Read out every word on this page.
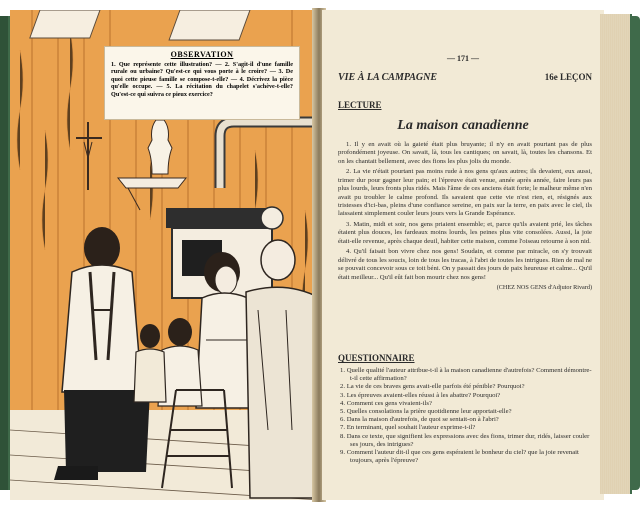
OBSERVATION
1. Que représente cette illustration? — 2. S'agit-il d'une famille rurale ou urbaine? Qu'est-ce qui vous porte à le croire? — 3. De quoi cette pieuse famille se compose-t-elle? — 4. Décrivez la pièce qu'elle occupe. — 5. La récitation du chapelet s'achève-t-elle? Qu'est-ce qui suivra ce pieux exercice?
— 171 —
VIE À LA CAMPAGNE	16e LEÇON
LECTURE
La maison canadienne

1. Il y en avait où la gaieté était plus bruyante; il n'y en avait pourtant pas de plus profondément joyeuse. On savait, là, tous les cantiques; on savait, là, toutes les chansons. Et on les chantait bellement, avec des fions les plus jolis du monde.

2. La vie n'était pourtant pas moins rude à nos gens qu'aux autres; ils devaient, eux aussi, trimer dur pour gagner leur pain; et l'épreuve était venue, année après année, faire leurs pas plus lourds, leurs fronts plus ridés. Mais l'âme de ces anciens était forte; le malheur même n'en avait pu troubler le calme profond. Ils savaient que cette vie n'est rien, et, résignés aux tristesses d'ici-bas, pleins d'une confiance sereine, en paix sur la terre, en paix avec le ciel, ils laissaient simplement couler leurs jours vers la Grande Espérance.

3. Matin, midi et soir, nos gens priaient ensemble; et, parce qu'ils avaient prié, les tâches étaient plus douces, les fardeaux moins lourds, les peines plus vite consolées. Aussi, la joie était-elle revenue, après chaque deuil, habiter cette maison, comme l'oiseau retourne à son nid.

4. Qu'il faisait bon vivre chez nos gens! Soudain, et comme par miracle, on s'y trouvait délivré de tous les soucis, loin de tous les tracas, à l'abri de toutes les intrigues. Rien de mal ne se pouvait concevoir sous ce toit béni. On y passait des jours de paix heureuse et calme... Qu'il était meilleur... Qu'il eût fait bon mourir chez nos gens!

(CHEZ NOS GENS d'Adjutor Rivard)
QUESTIONNAIRE
1. Quelle qualité l'auteur attribue-t-il à la maison canadienne d'autrefois? Comment démontre-t-il cette affirmation?
2. La vie de ces braves gens avait-elle parfois été pénible? Pourquoi?
3. Les épreuves avaient-elles réussi à les abattre? Pourquoi?
4. Comment ces gens vivaient-ils?
5. Quelles consolations la prière quotidienne leur apportait-elle?
6. Dans la maison d'autrefois, de quoi se sentait-on à l'abri?
7. En terminant, quel souhait l'auteur exprime-t-il?
8. Dans ce texte, que signifient les expressions avec des fions, trimer dur, ridés, laisser couler ses jours, des intrigues?
9. Comment l'auteur dit-il que ces gens espéraient le bonheur du ciel? que la joie revenait toujours, après l'épreuve?
